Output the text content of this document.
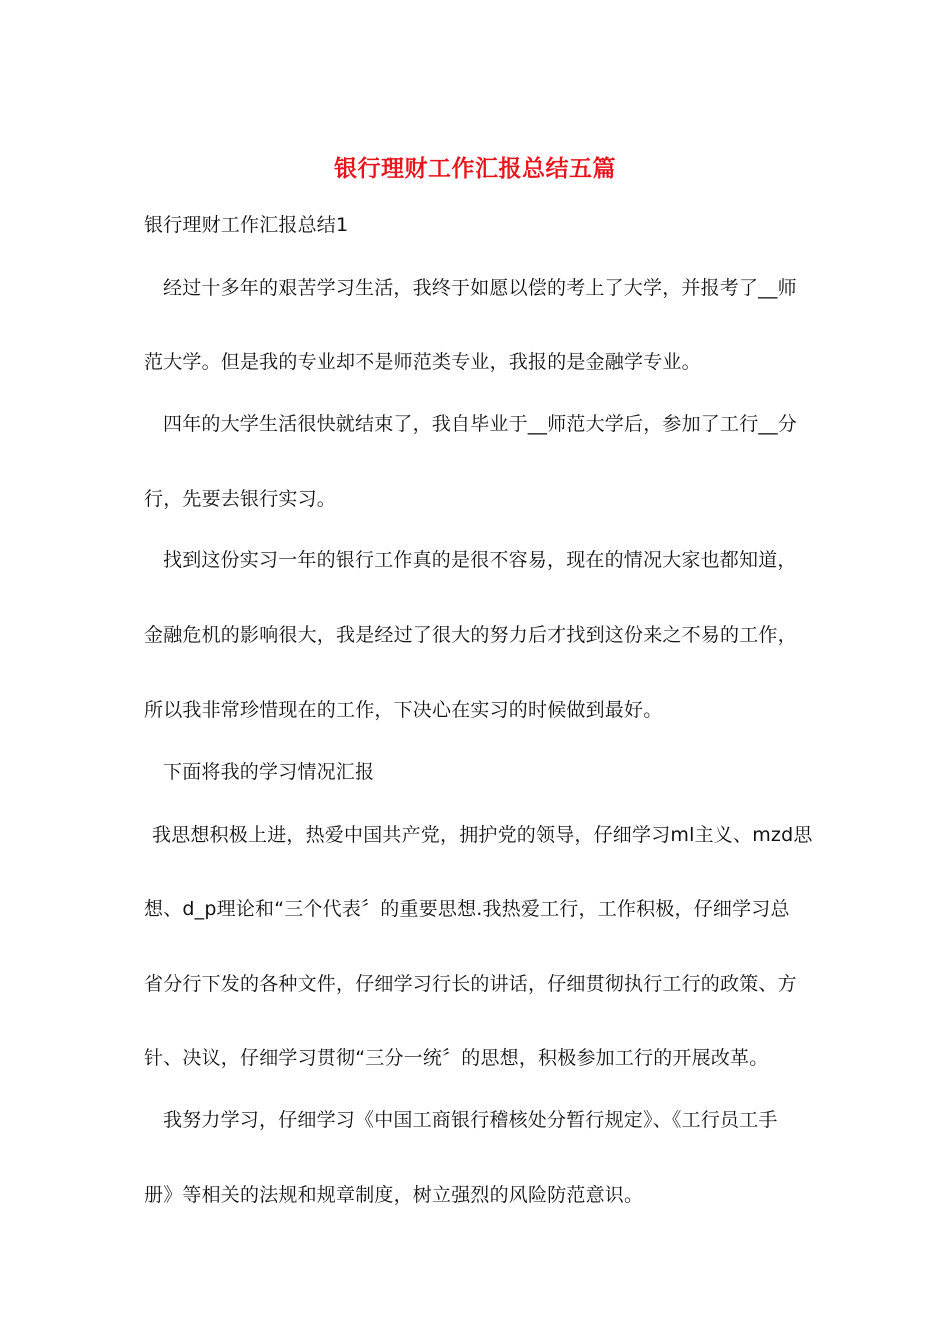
银行理财工作汇报总结五篇
银行理财工作汇报总结1
经过十多年的艰苦学习生活，我终于如愿以偿的考上了大学，并报考了__师
范大学。但是我的专业却不是师范类专业，我报的是金融学专业。
四年的大学生活很快就结束了，我自毕业于__师范大学后，参加了工行__分
行，先要去银行实习。
找到这份实习一年的银行工作真的是很不容易，现在的情况大家也都知道，
金融危机的影响很大，我是经过了很大的努力后才找到这份来之不易的工作，
所以我非常珍惜现在的工作，下决心在实习的时候做到最好。
下面将我的学习情况汇报
我思想积极上进，热爱中国共产党，拥护党的领导，仔细学习ml主义、mzd思
想、d_p理论和“三个代表〞的重要思想.我热爱工行，工作积极，仔细学习总
省分行下发的各种文件，仔细学习行长的讲话，仔细贯彻执行工行的政策、方
针、决议，仔细学习贯彻“三分一统〞的思想，积极参加工行的开展改革。
我努力学习，仔细学习《中国工商银行稽核处分暂行规定》、《工行员工手
册》等相关的法规和规章制度，树立强烈的风险防范意识。
